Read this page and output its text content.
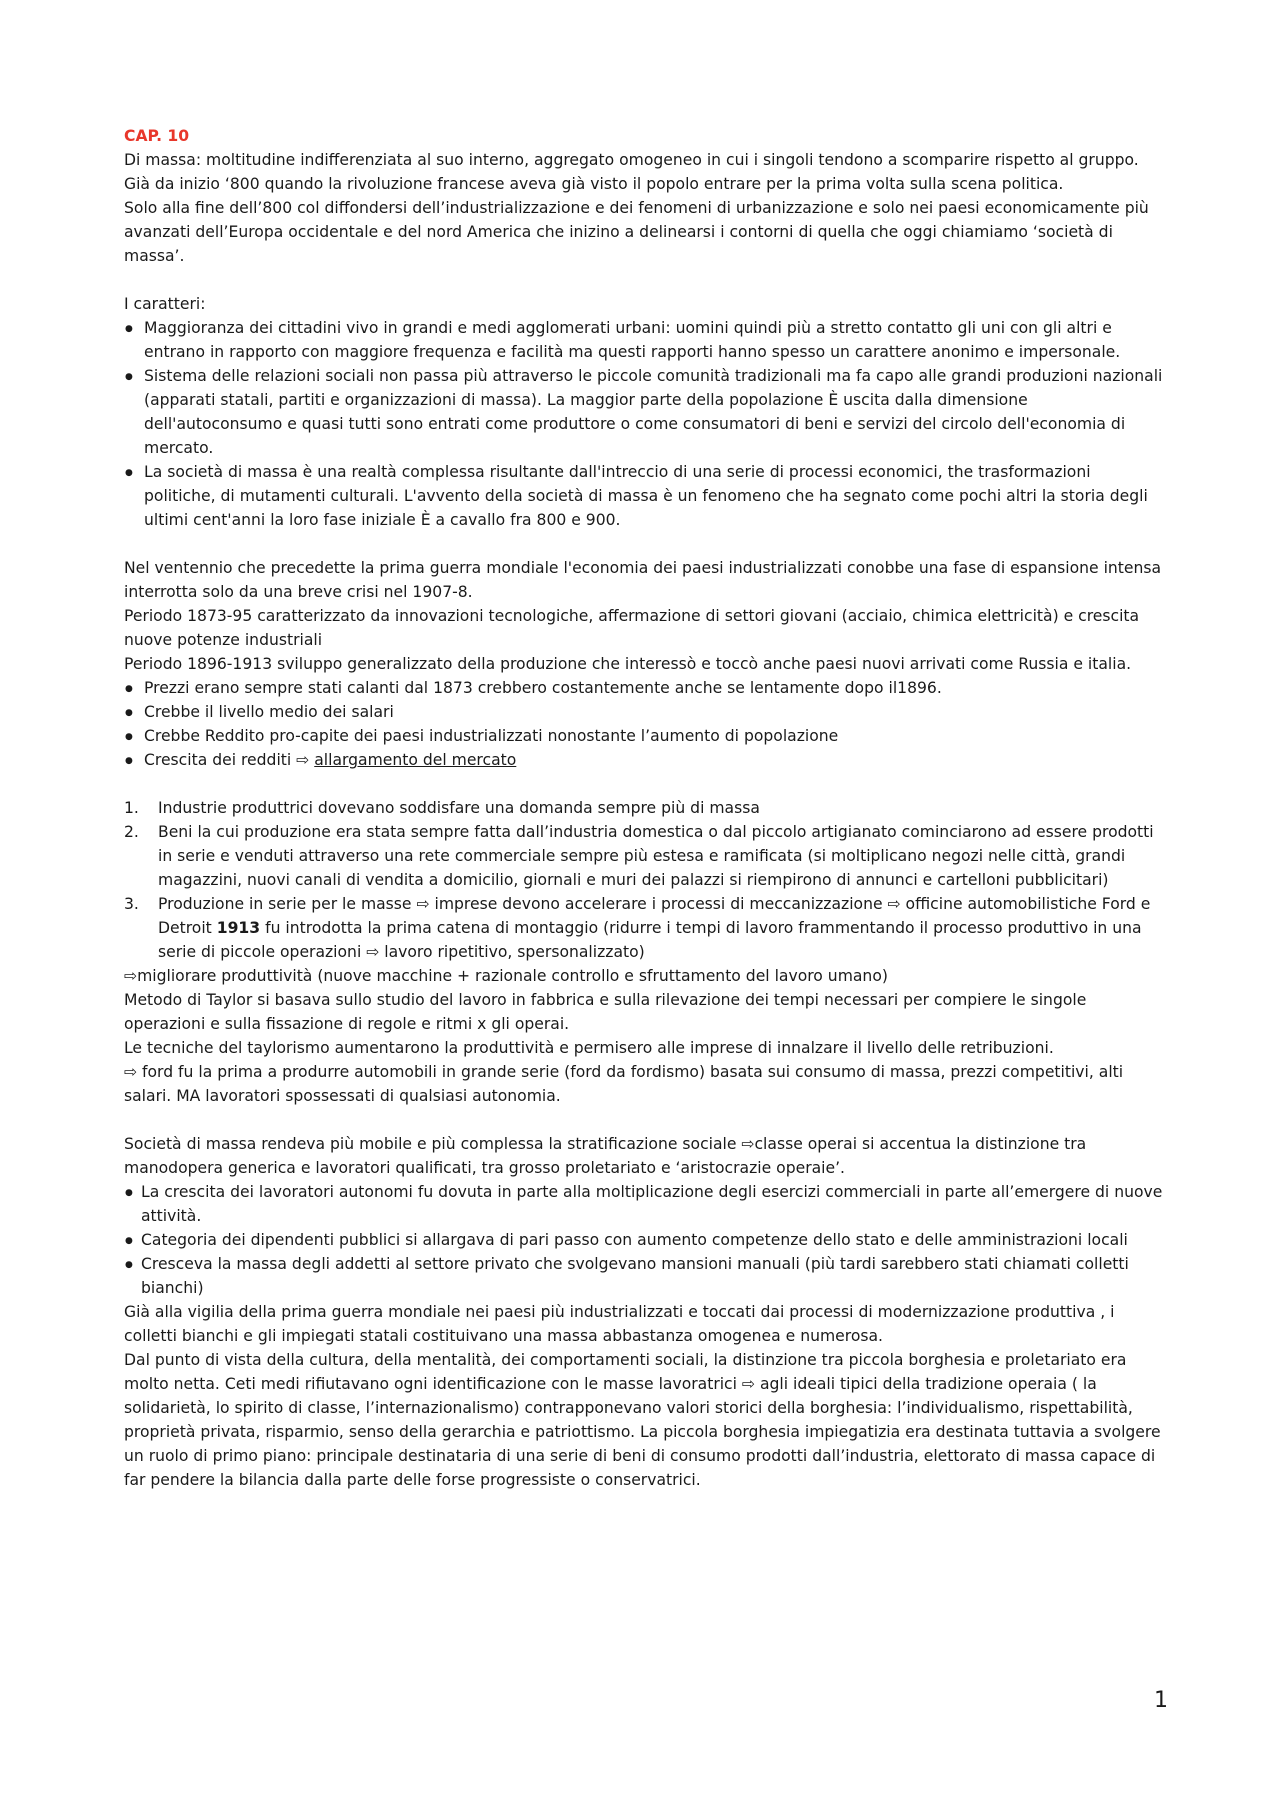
CAP. 10

Di massa: moltitudine indifferenziata al suo interno, aggregato omogeneo in cui i singoli tendono a scomparire rispetto al gruppo. Già da inizio ‘800 quando la rivoluzione francese aveva già visto il popolo entrare per la prima volta sulla scena politica.

Solo alla fine dell’800 col diffondersi dell’industrializzazione e dei fenomeni di urbanizzazione e solo nei paesi economicamente più avanzati dell’Europa occidentale e del nord America che inizino a delinearsi i contorni di quella che oggi chiamiamo ‘società di massa’.

I caratteri:

● Maggioranza dei cittadini vivo in grandi e medi agglomerati urbani: uomini quindi più a stretto contatto gli uni con gli altri e entrano in rapporto con maggiore frequenza e facilità ma questi rapporti hanno spesso un carattere anonimo e impersonale.
● Sistema delle relazioni sociali non passa più attraverso le piccole comunità tradizionali ma fa capo alle grandi produzioni nazionali (apparati statali, partiti e organizzazioni di massa). La maggior parte della popolazione È uscita dalla dimensione dell'autoconsumo e quasi tutti sono entrati come produttore o come consumatori di beni e servizi del circolo dell'economia di mercato.
● La società di massa è una realtà complessa risultante dall'intreccio di una serie di processi economici, the trasformazioni politiche, di mutamenti culturali. L'avvento della società di massa è un fenomeno che ha segnato come pochi altri la storia degli ultimi cent'anni la loro fase iniziale È a cavallo fra 800 e 900.

Nel ventennio che precedette la prima guerra mondiale l'economia dei paesi industrializzati conobbe una fase di espansione intensa interrotta solo da una breve crisi nel 1907-8.

Periodo 1873-95 caratterizzato da innovazioni tecnologiche, affermazione di settori giovani (acciaio, chimica elettricità) e crescita nuove potenze industriali

Periodo 1896-1913 sviluppo generalizzato della produzione che interessò e toccò anche paesi nuovi arrivati come Russia e italia.

● Prezzi erano sempre stati calanti dal 1873 crebbero costantemente anche se lentamente dopo il1896.
● Crebbe il livello medio dei salari
● Crebbe Reddito pro-capite dei paesi industrializzati nonostante l’aumento di popolazione
● Crescita dei redditi ⇨ allargamento del mercato
1. Industrie produttrici dovevano soddisfare una domanda sempre più di massa
2. Beni la cui produzione era stata sempre fatta dall’industria domestica o dal piccolo artigianato cominciarono ad essere prodotti in serie e venduti attraverso una rete commerciale sempre più estesa e ramificata (si moltiplicano negozi nelle città, grandi magazzini, nuovi canali di vendita a domicilio, giornali e muri dei palazzi si riempirono di annunci e cartelloni pubblicitari)
3. Produzione in serie per le masse ⇨ imprese devono accelerare i processi di meccanizzazione ⇨ officine automobilistiche Ford e Detroit 1913 fu introdotta la prima catena di montaggio (ridurre i tempi di lavoro frammentando il processo produttivo in una serie di piccole operazioni ⇨ lavoro ripetitivo, spersonalizzato)

⇨migliorare produttività (nuove macchine + razionale controllo e sfruttamento del lavoro umano)

Metodo di Taylor si basava sullo studio del lavoro in fabbrica e sulla rilevazione dei tempi necessari per compiere le singole operazioni e sulla fissazione di regole e ritmi x gli operai.

Le tecniche del taylorismo aumentarono la produttività e permisero alle imprese di innalzare il livello delle retribuzioni.

⇨ ford fu la prima a produrre automobili in grande serie (ford da fordismo) basata sui consumo di massa, prezzi competitivi, alti salari. MA lavoratori spossessati di qualsiasi autonomia.

Società di massa rendeva più mobile e più complessa la stratificazione sociale ⇨classe operai si accentua la distinzione tra manodopera generica e lavoratori qualificati, tra grosso proletariato e ‘aristocrazie operaie’.

● La crescita dei lavoratori autonomi fu dovuta in parte alla moltiplicazione degli esercizi commerciali in parte all’emergere di nuove attività.
● Categoria dei dipendenti pubblici si allargava di pari passo con aumento competenze dello stato e delle amministrazioni locali
● Cresceva la massa degli addetti al settore privato che svolgevano mansioni manuali (più tardi sarebbero stati chiamati colletti bianchi)

Già alla vigilia della prima guerra mondiale nei paesi più industrializzati e toccati dai processi di modernizzazione produttiva , i colletti bianchi e gli impiegati statali costituivano una massa abbastanza omogenea e numerosa.

Dal punto di vista della cultura, della mentalità, dei comportamenti sociali, la distinzione tra piccola borghesia e proletariato era molto netta. Ceti medi rifiutavano ogni identificazione con le masse lavoratrici ⇨ agli ideali tipici della tradizione operaia ( la solidarietà, lo spirito di classe, l’internazionalismo) contrapponevano valori storici della borghesia: l’individualismo, rispettabilità, proprietà privata, risparmio, senso della gerarchia e patriottismo. La piccola borghesia impiegatizia era destinata tuttavia a svolgere un ruolo di primo piano: principale destinataria di una serie di beni di consumo prodotti dall’industria, elettorato di massa capace di far pendere la bilancia dalla parte delle forse progressiste o conservatrici.

1
